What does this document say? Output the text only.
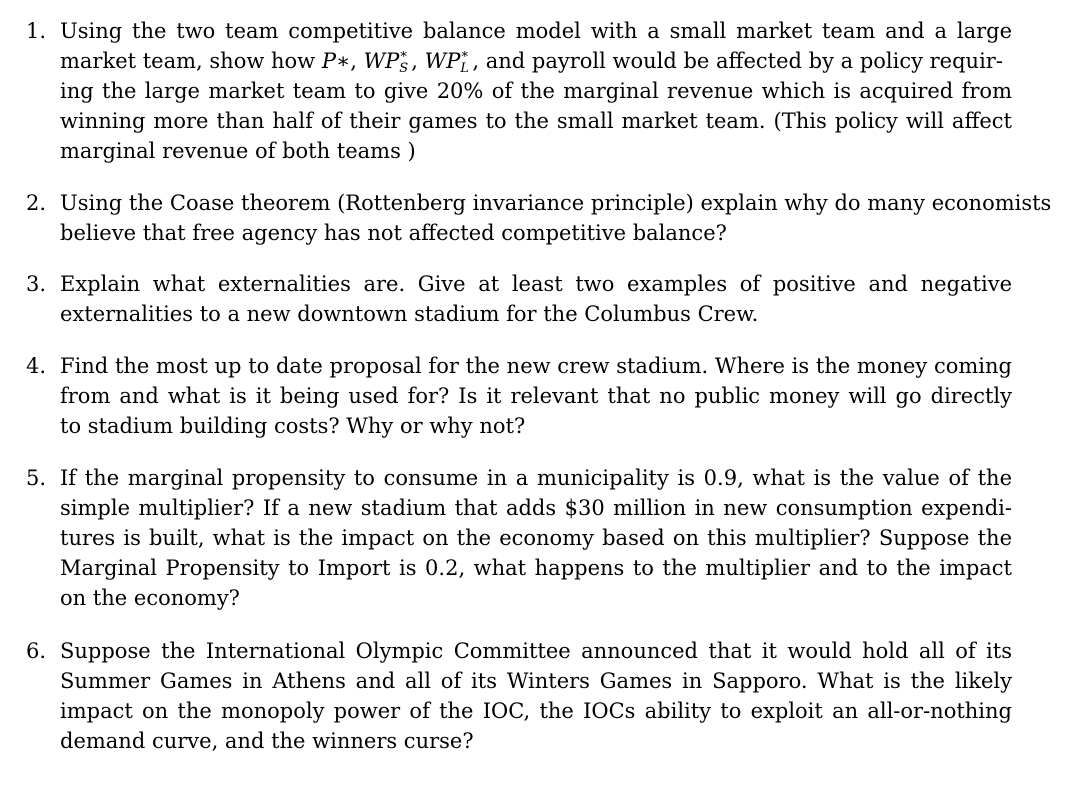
1. Using the two team competitive balance model with a small market team and a large
market team, show how P∗, WP ∗
S , WP ∗
L , and payroll would be affected by a policy requir-
ing the large market team to give 20% of the marginal revenue which is acquired from
winning more than half of their games to the small market team. (This policy will affect
marginal revenue of both teams )
2. Using the Coase theorem (Rottenberg invariance principle) explain why do many economists
believe that free agency has not affected competitive balance?
3. Explain what externalities are. Give at least two examples of positive and negative
externalities to a new downtown stadium for the Columbus Crew.
4. Find the most up to date proposal for the new crew stadium. Where is the money coming
from and what is it being used for? Is it relevant that no public money will go directly
to stadium building costs? Why or why not?
5. If the marginal propensity to consume in a municipality is 0.9, what is the value of the
simple multiplier? If a new stadium that adds $30 million in new consumption expendi-
tures is built, what is the impact on the economy based on this multiplier? Suppose the
Marginal Propensity to Import is 0.2, what happens to the multiplier and to the impact
on the economy?
6. Suppose the International Olympic Committee announced that it would hold all of its
Summer Games in Athens and all of its Winters Games in Sapporo. What is the likely
impact on the monopoly power of the IOC, the IOCs ability to exploit an all-or-nothing
demand curve, and the winners curse?
